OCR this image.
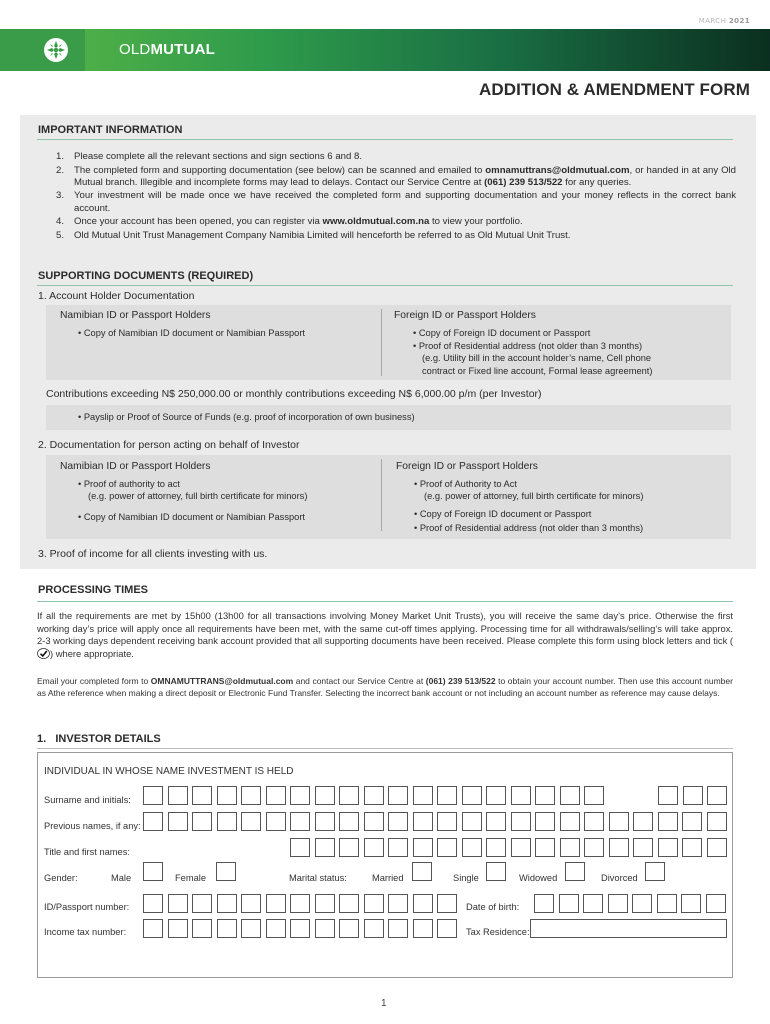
MARCH 2021
OLDMUTUAL
ADDITION & AMENDMENT FORM
IMPORTANT INFORMATION
1. Please complete all the relevant sections and sign sections 6 and 8.
2. The completed form and supporting documentation (see below) can be scanned and emailed to omnamuttrans@oldmutual.com, or handed in at any Old Mutual branch. Illegible and incomplete forms may lead to delays. Contact our Service Centre at (061) 239 513/522 for any queries.
3. Your investment will be made once we have received the completed form and supporting documentation and your money reflects in the correct bank account.
4. Once your account has been opened, you can register via www.oldmutual.com.na to view your portfolio.
5. Old Mutual Unit Trust Management Company Namibia Limited will henceforth be referred to as Old Mutual Unit Trust.
SUPPORTING DOCUMENTS (REQUIRED)
1. Account Holder Documentation
Namibian ID or Passport Holders
• Copy of Namibian ID document or Namibian Passport
Foreign ID or Passport Holders
• Copy of Foreign ID document or Passport
• Proof of Residential address (not older than 3 months)
(e.g. Utility bill in the account holder’s name, Cell phone
contract or Fixed line account, Formal lease agreement)
Contributions exceeding N$ 250,000.00 or monthly contributions exceeding N$ 6,000.00 p/m (per Investor)
• Payslip or Proof of Source of Funds (e.g. proof of incorporation of own business)
2. Documentation for person acting on behalf of Investor
Namibian ID or Passport Holders
• Proof of authority to act
(e.g. power of attorney, full birth certificate for minors)
• Copy of Namibian ID document or Namibian Passport
Foreign ID or Passport Holders
• Proof of Authority to Act
(e.g. power of attorney, full birth certificate for minors)
• Copy of Foreign ID document or Passport
• Proof of Residential address (not older than 3 months)
3. Proof of income for all clients investing with us.
PROCESSING TIMES
If all the requirements are met by 15h00 (13h00 for all transactions involving Money Market Unit Trusts), you will receive the same day’s price. Otherwise the first working day’s price will apply once all requirements have been met, with the same cut-off times applying. Processing time for all withdrawals/selling’s will take approx. 2-3 working days dependent receiving bank account provided that all supporting documents have been received. Please complete this form using block letters and tick () where appropriate.
Email your completed form to OMNAMUTTRANS@oldmutual.com and contact our Service Centre at (061) 239 513/522 to obtain your account number. Then use this account number as Athe reference when making a direct deposit or Electronic Fund Transfer. Selecting the incorrect bank account or not including an account number as reference may cause delays.
1. INVESTOR DETAILS
INDIVIDUAL IN WHOSE NAME INVESTMENT IS HELD
Surname and initials:
Previous names, if any:
Title and first names:
Gender:	Male	Female	Marital status:	Married	Single	Widowed	Divorced
ID/Passport number:	Date of birth:
Income tax number:	Tax Residence:
1
